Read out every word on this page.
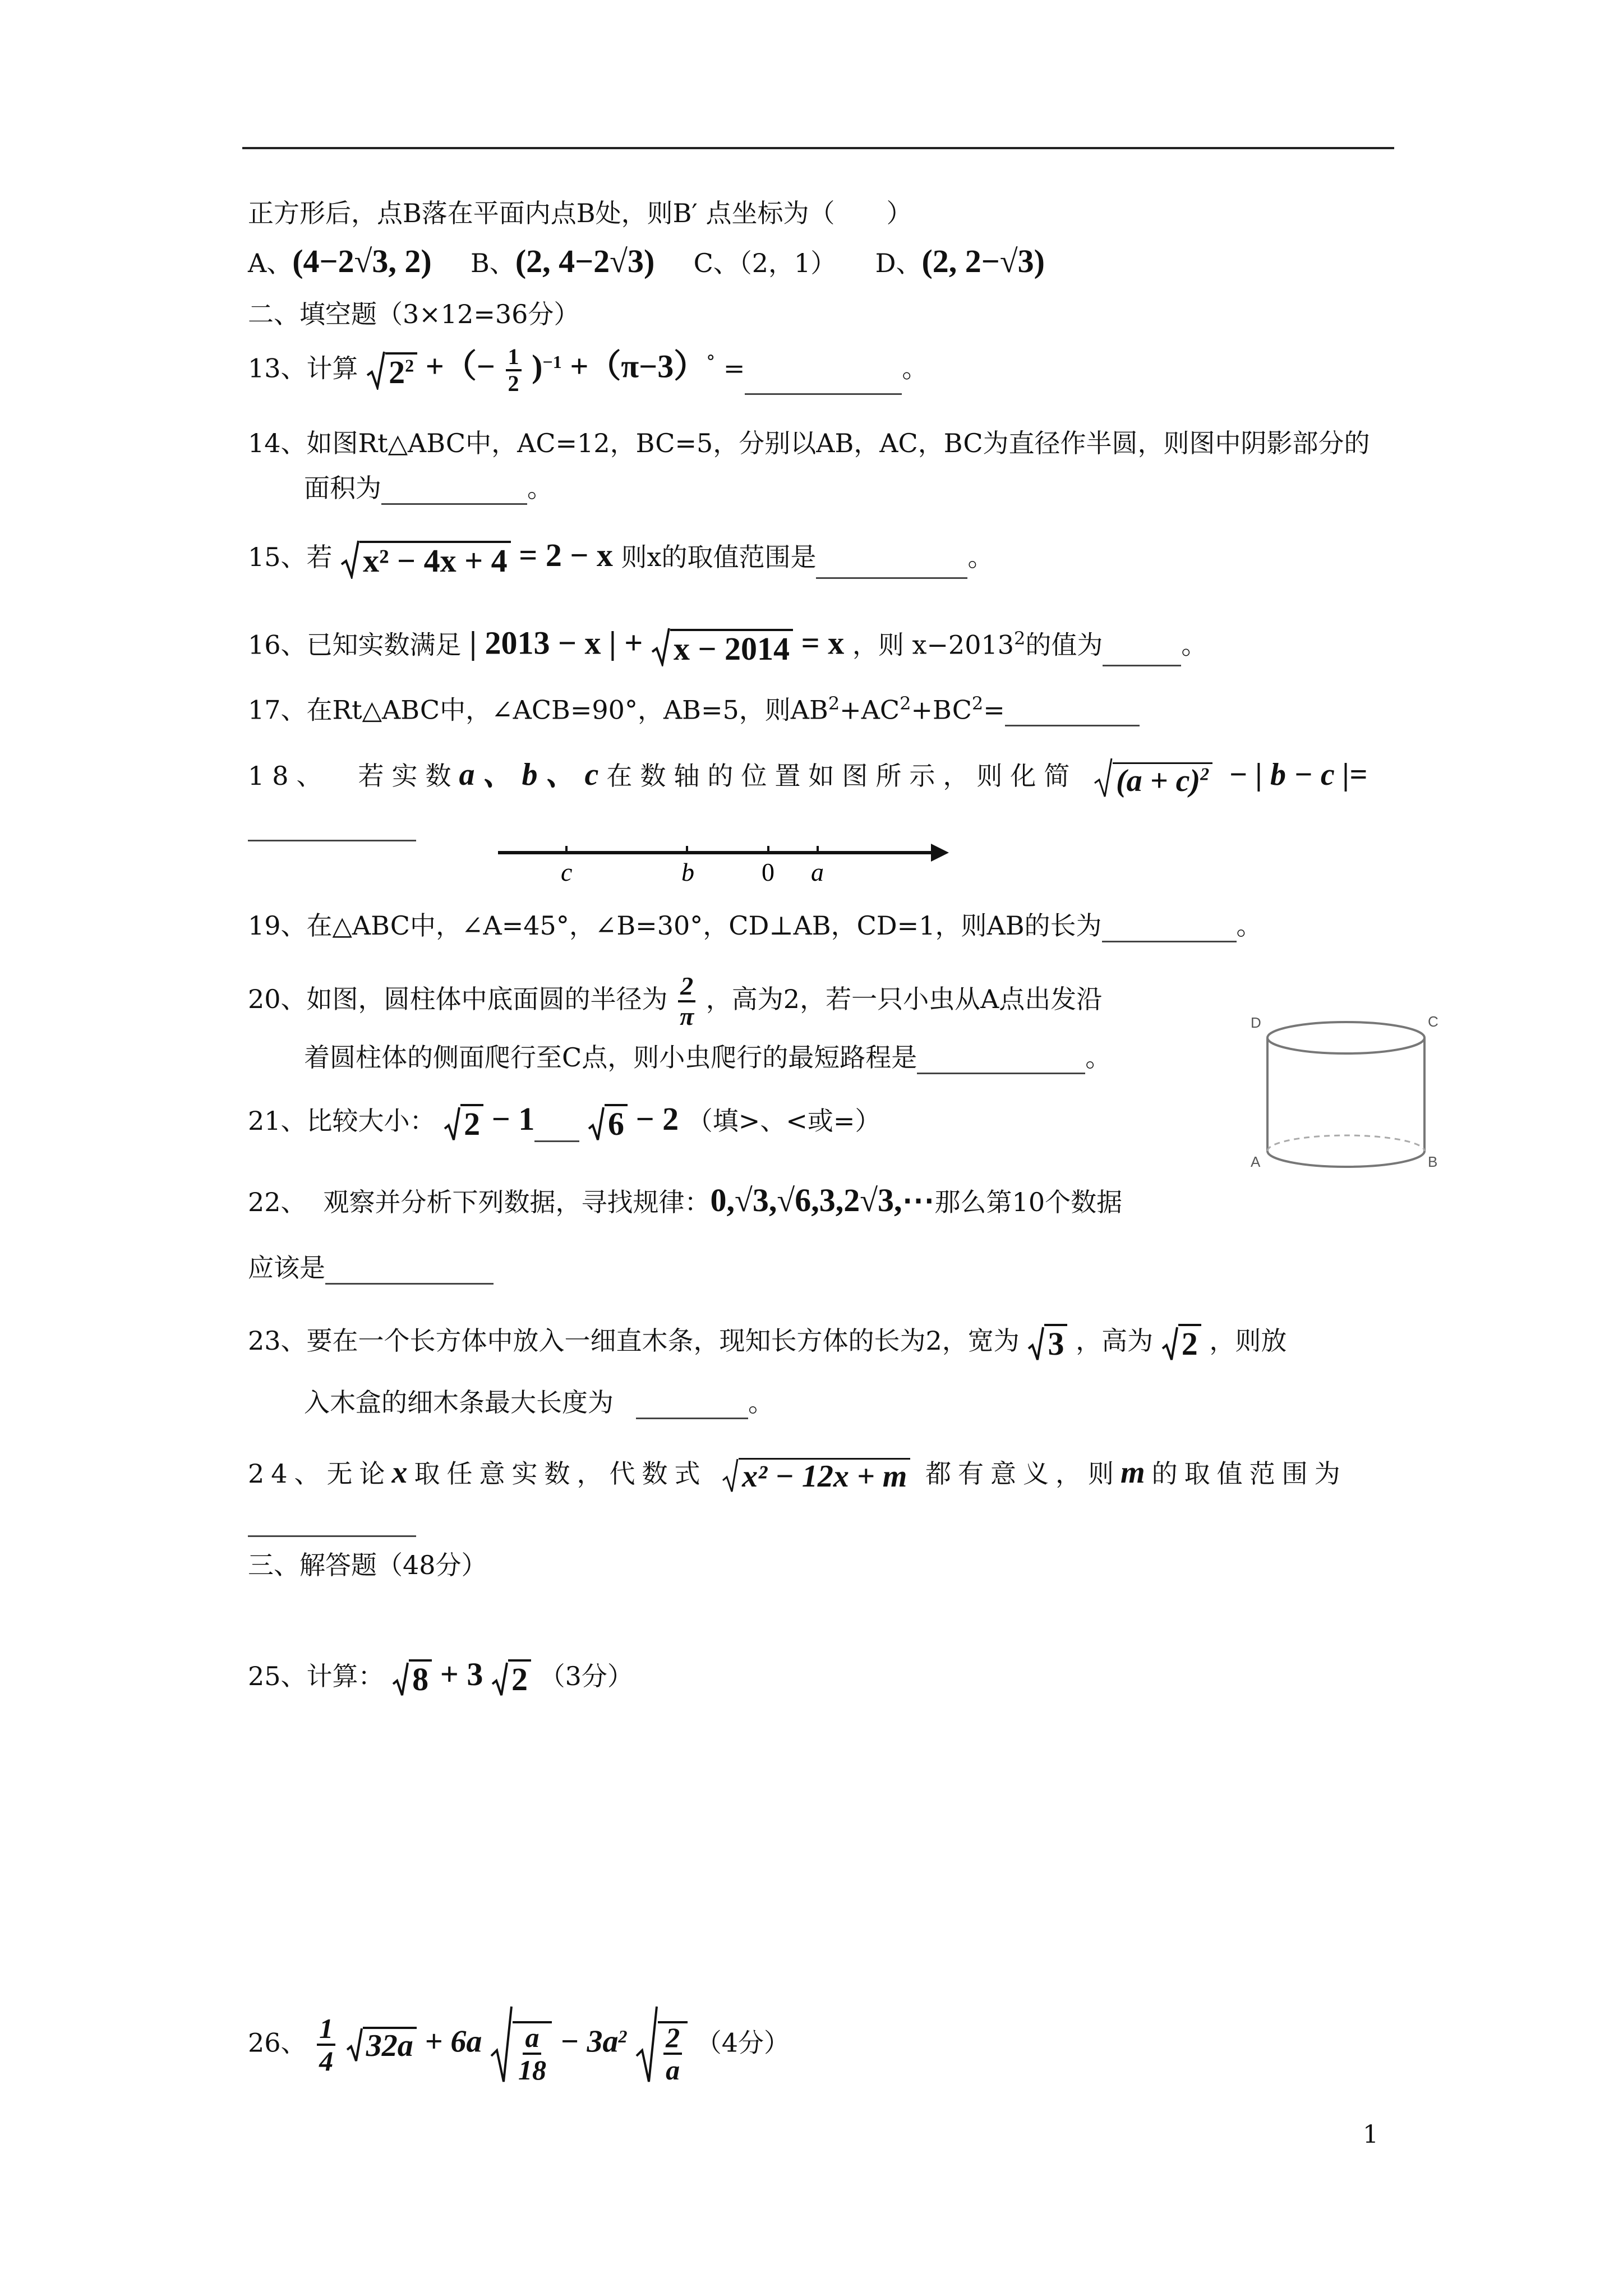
正方形后，点B落在平面内点B处，则B′ 点坐标为（　　）
A、(4−2√3, 2) B、(2, 4−2√3) C、（2，1） D、(2, 2−√3)
二、填空题（3×12=36分）
13、计算 $2^2$ +（− $\frac{1}{2} )^{-1} +(\pi-3)^\circ$ =	。
14、如图Rt△ABC中，AC=12，BC=5，分别以AB，AC，BC为直径作半圆，则图中阴影部分的
面积为	。
15、若 x² − 4x + 4 = 2 − x 则x的取值范围是	。
16、已知实数满足 | 2013 − x | + x − 2014 = x ，则 $x-2013^2$的值为	。
17、在Rt△ABC中，∠ACB=90°，AB=5，则$AB^2+AC^2+BC^2=$
18、 若实数a、b、c在数轴的位置如图所示，则化简 $(a + c)^2$ − | b − c |=
c	b	0 a
19、在△ABC中，∠A=45°，∠B=30°，CD⊥AB，CD=1，则AB的长为	。
20、如图，圆柱体中底面圆的半径为 $\frac{2}{\pi}$ ，高为2，若一只小虫从A点出发沿
着圆柱体的侧面爬行至C点，则小虫爬行的最短路程是	。
D	C
A	B
21、比较大小： 2 − 1 6 − 2 （填>、<或=）
22、 观察并分析下列数据，寻找规律：0,√3,√6,3,2√3,⋯那么第10个数据
应该是
23、要在一个长方体中放入一细直木条，现知长方体的长为2，宽为 3 ，高为 2 ，则放
入木盒的细木条最大长度为	。
24、无论x取任意实数，代数式 x² − 12x + m 都有意义，则m的取值范围为
三、解答题（48分）
25、计算： 8 + 3 2 （3分）
26、 $\frac{1}{4}$
$32a + 6a \frac{a}{18} - 3a^2 \frac{2}{a} (4$分）
1
